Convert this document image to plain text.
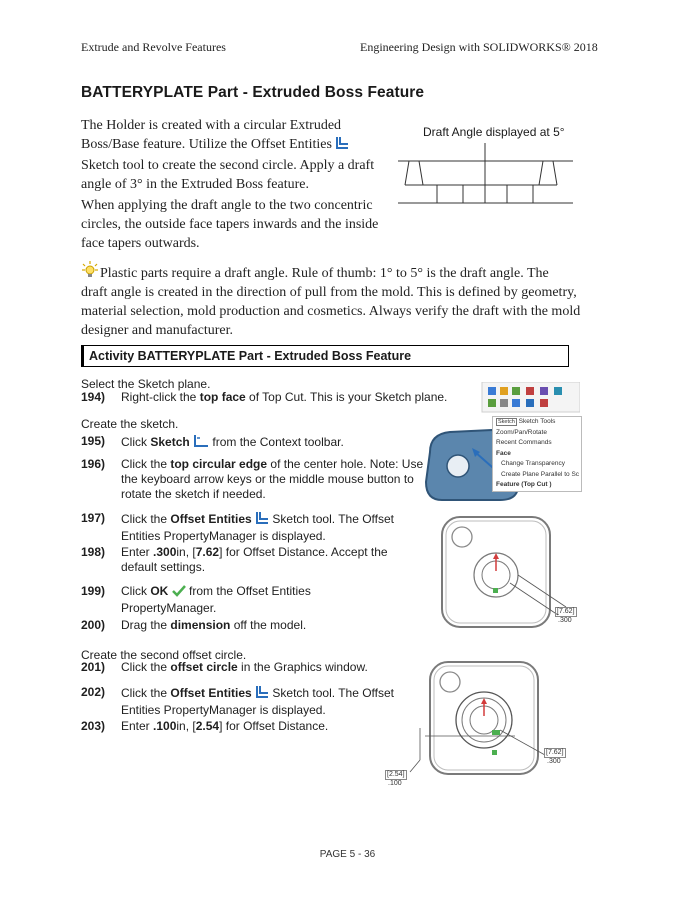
Extrude and Revolve Features	Engineering Design with SOLIDWORKS® 2018
BATTERYPLATE Part - Extruded Boss Feature
The Holder is created with a circular Extruded
Boss/Base feature. Utilize the Offset Entities
Sketch tool to create the second circle. Apply a draft
angle of 3° in the Extruded Boss feature.
When applying the draft angle to the two concentric
circles, the outside face tapers inwards and the inside
face tapers outwards.
Draft Angle displayed at 5°
Plastic parts require a draft angle. Rule of thumb: 1° to 5° is the draft angle. The
draft angle is created in the direction of pull from the mold. This is defined by geometry,
material selection, mold production and cosmetics. Always verify the draft with the mold
designer and manufacturer.
Activity BATTERYPLATE Part - Extruded Boss Feature
Select the Sketch plane.
Create the sketch.
Create the second offset circle.
194) Right-click the top face of Top Cut. This is your Sketch plane.
195) Click Sketch  from the Context toolbar.
196) Click the top circular edge of the center hole. Note: Use the keyboard arrow keys or the middle mouse button to rotate the sketch if needed.
197) Click the Offset Entities  Sketch tool. The Offset Entities PropertyManager is displayed.
198) Enter .300in, [7.62] for Offset Distance. Accept the default settings.
199) Click OK  from the Offset Entities PropertyManager.
200) Drag the dimension off the model.
201) Click the offset circle in the Graphics window.
202) Click the Offset Entities  Sketch tool. The Offset Entities PropertyManager is displayed.
203) Enter .100in, [2.54] for Offset Distance.
Sketch Sketch Tools
Zoom/Pan/Rotate
Recent Commands
Face
Change Transparency
Create Plane Parallel to Sc
Feature (Top Cut )
[7.62]
.300
[7.62]
.300
[2.54]
.100
PAGE 5 - 36
